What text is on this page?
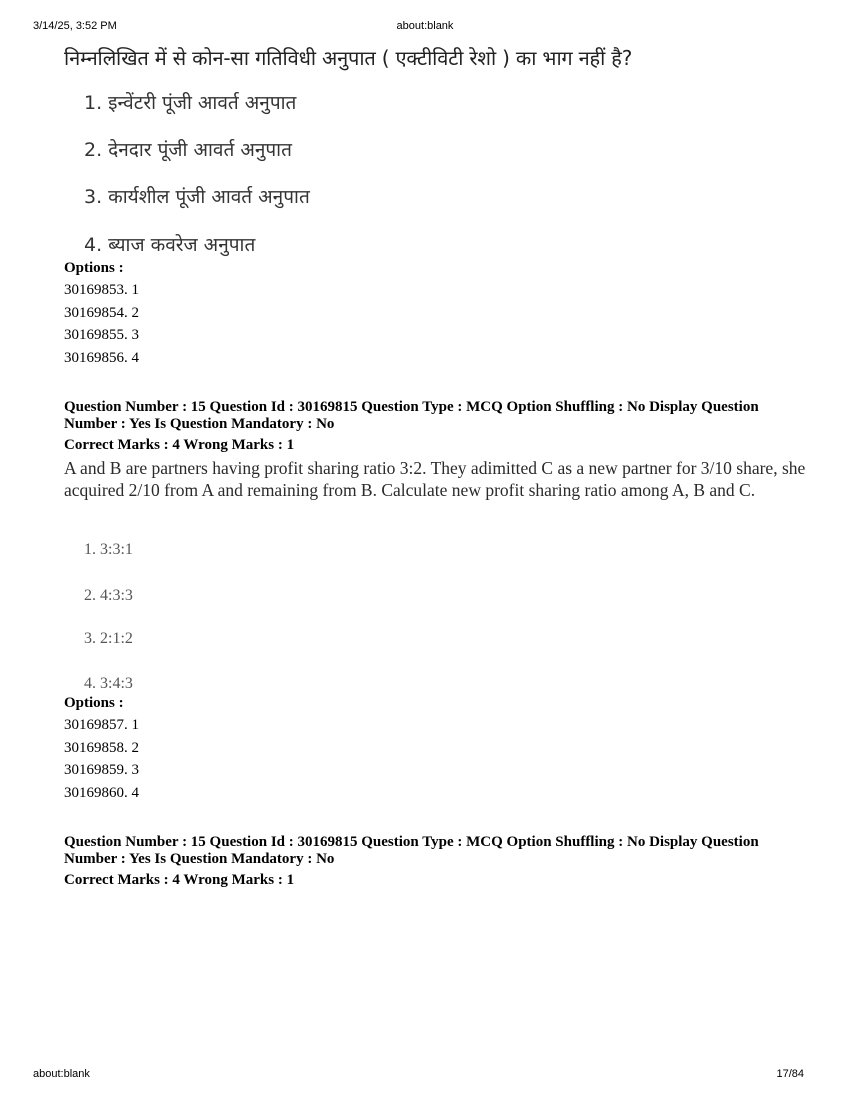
3/14/25, 3:52 PM	about:blank
निम्नलिखित में से कोन-सा गतिविधी अनुपात ( एक्टीविटी रेशो ) का भाग नहीं है?
1. इन्वेंटरी पूंजी आवर्त अनुपात
2. देनदार पूंजी आवर्त अनुपात
3. कार्यशील पूंजी आवर्त अनुपात
4. ब्याज कवरेज अनुपात
Options :
30169853. 1
30169854. 2
30169855. 3
30169856. 4
Question Number : 15 Question Id : 30169815 Question Type : MCQ Option Shuffling : No Display Question
Number : Yes Is Question Mandatory : No
Correct Marks : 4 Wrong Marks : 1
A and B are partners having profit sharing ratio 3:2. They adimitted C as a new partner for 3/10 share, she acquired 2/10 from A and remaining from B. Calculate new profit sharing ratio among A, B and C.
1. 3:3:1
2. 4:3:3
3. 2:1:2
4. 3:4:3
Options :
30169857. 1
30169858. 2
30169859. 3
30169860. 4
Question Number : 15 Question Id : 30169815 Question Type : MCQ Option Shuffling : No Display Question
Number : Yes Is Question Mandatory : No
Correct Marks : 4 Wrong Marks : 1
about:blank	17/84
